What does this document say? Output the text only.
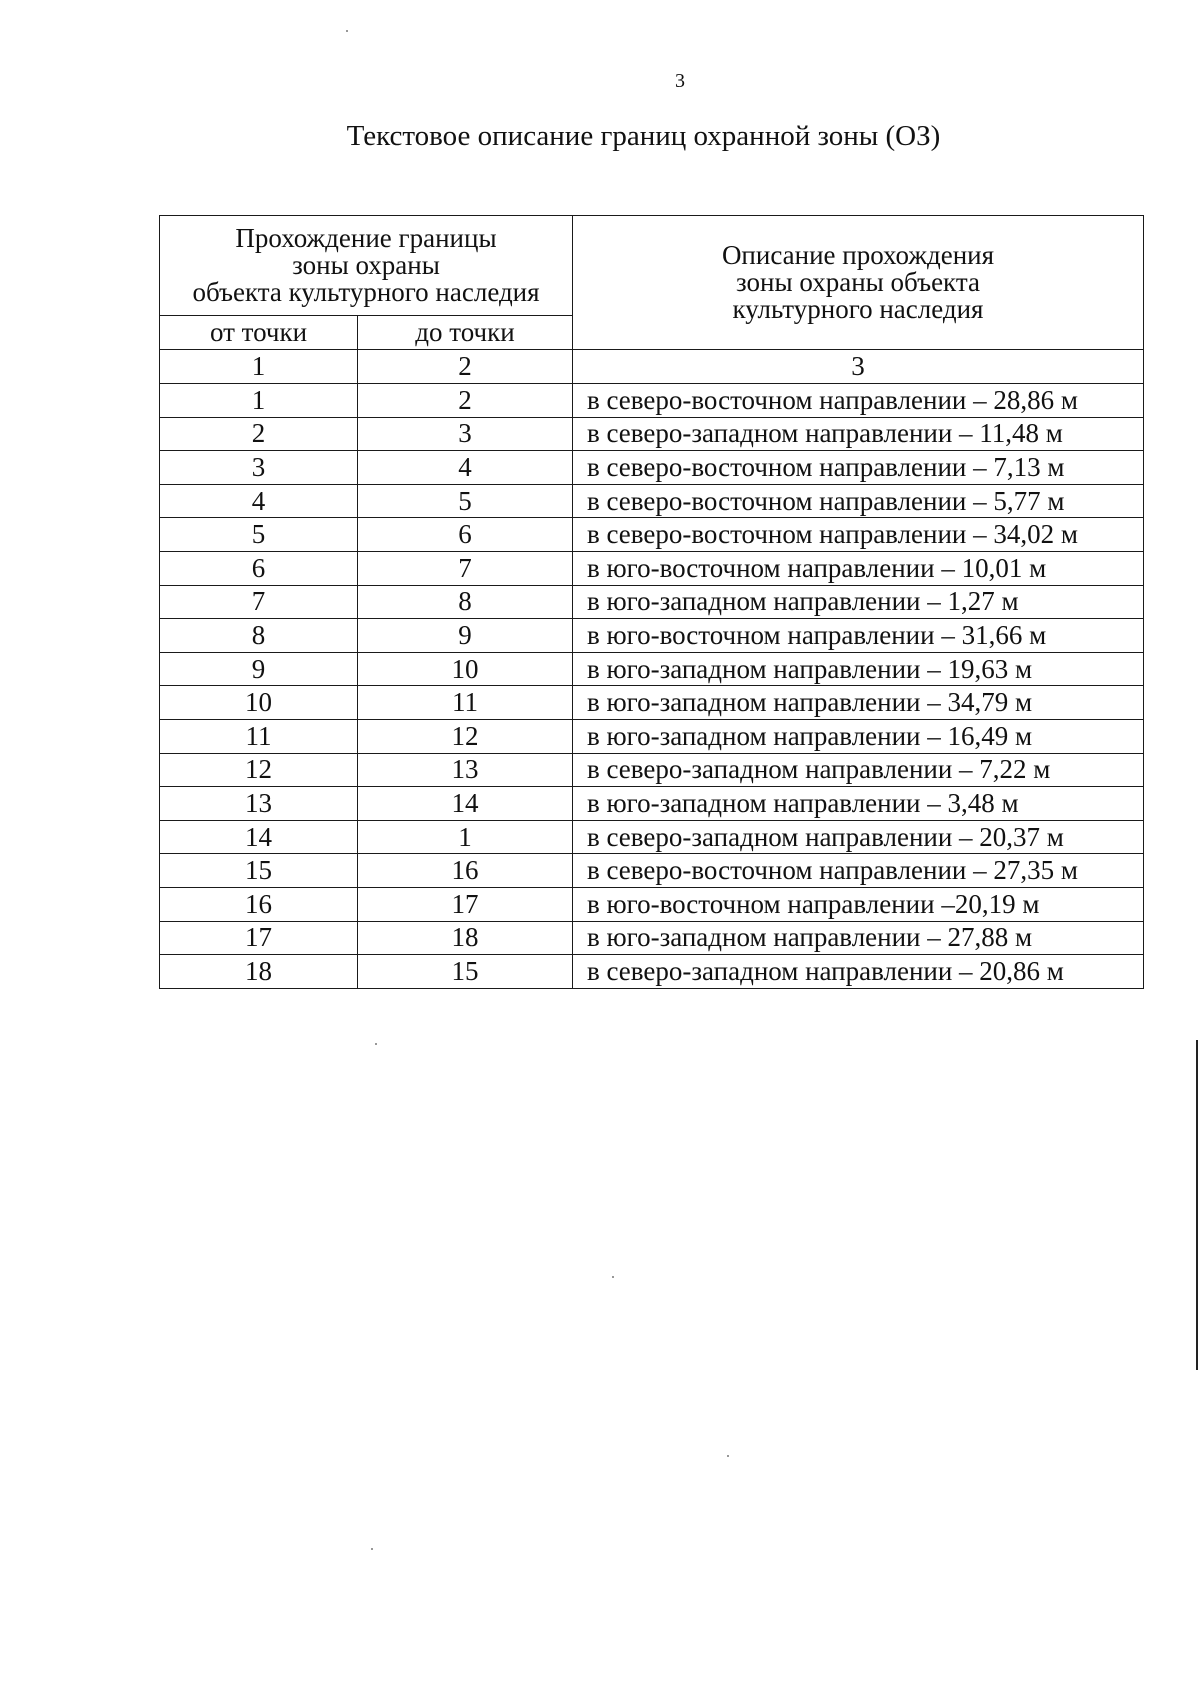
3
Текстовое описание границ охранной зоны (ОЗ)
Прохождение границы
зоны охраны
объекта культурного наследия		Описание прохождения
зоны охраны объекта
культурного наследия
от точки	до точки	
1	2	3
1	2	в северо-восточном направлении – 28,86 м
2	3	в северо-западном направлении – 11,48 м
3	4	в северо-восточном направлении – 7,13 м
4	5	в северо-восточном направлении – 5,77 м
5	6	в северо-восточном направлении – 34,02 м
6	7	в юго-восточном направлении – 10,01 м
7	8	в юго-западном направлении – 1,27 м
8	9	в юго-восточном направлении – 31,66 м
9	10	в юго-западном направлении – 19,63 м
10	11	в юго-западном направлении – 34,79 м
11	12	в юго-западном направлении – 16,49 м
12	13	в северо-западном направлении – 7,22 м
13	14	в юго-западном направлении – 3,48 м
14	1	в северо-западном направлении – 20,37 м
15	16	в северо-восточном направлении – 27,35 м
16	17	в юго-восточном направлении –20,19 м
17	18	в юго-западном направлении – 27,88 м
18	15	в северо-западном направлении – 20,86 м
